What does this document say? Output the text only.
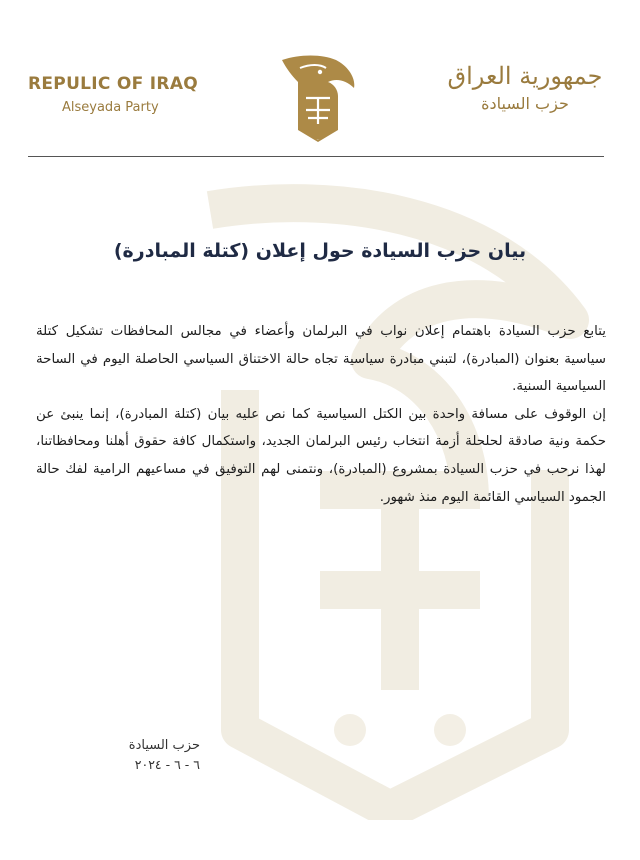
REPULIC OF IRAQ
Alseyada Party
سيادة
جمهورية العراق
حزب السيادة
بيان حزب السيادة حول إعلان (كتلة المبادرة)

يتابع حزب السيادة باهتمام إعلان نواب في البرلمان وأعضاء في مجالس المحافظات تشكيل كتلة سياسية بعنوان (المبادرة)، لتبني مبادرة سياسية تجاه حالة الاختناق السياسي الحاصلة اليوم في الساحة السياسية السنية.

إن الوقوف على مسافة واحدة بين الكتل السياسية كما نص عليه بيان (كتلة المبادرة)، إنما ينبئ عن حكمة ونية صادقة لحلحلة أزمة انتخاب رئيس البرلمان الجديد، واستكمال كافة حقوق أهلنا ومحافظاتنا، لهذا نرحب في حزب السيادة بمشروع (المبادرة)، ونتمنى لهم التوفيق في مساعيهم الرامية لفك حالة الجمود السياسي القائمة اليوم منذ شهور.

حزب السيادة
٦ - ٦ - ٢٠٢٤
